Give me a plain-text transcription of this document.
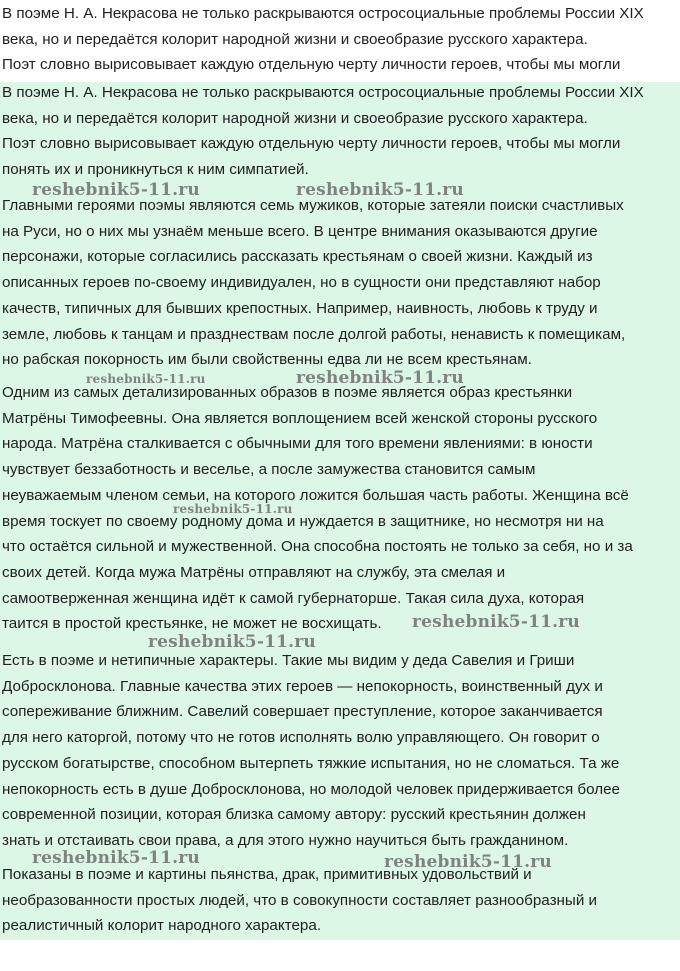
В поэме Н. А. Некрасова не только раскрываются остросоциальные проблемы России XIX
века, но и передаётся колорит народной жизни и своеобразие русского характера.
Поэт словно вырисовывает каждую отдельную черту личности героев, чтобы мы могли

В поэме Н. А. Некрасова не только раскрываются остросоциальные проблемы России XIX
века, но и передаётся колорит народной жизни и своеобразие русского характера.
Поэт словно вырисовывает каждую отдельную черту личности героев, чтобы мы могли
понять их и проникнуться к ним симпатией.

Главными героями поэмы являются семь мужиков, которые затеяли поиски счастливых
на Руси, но о них мы узнаём меньше всего. В центре внимания оказываются другие
персонажи, которые согласились рассказать крестьянам о своей жизни. Каждый из
описанных героев по-своему индивидуален, но в сущности они представляют набор
качеств, типичных для бывших крепостных. Например, наивность, любовь к труду и
земле, любовь к танцам и празднествам после долгой работы, ненависть к помещикам,
но рабская покорность им были свойственны едва ли не всем крестьянам.

Одним из самых детализированных образов в поэме является образ крестьянки
Матрёны Тимофеевны. Она является воплощением всей женской стороны русского
народа. Матрёна сталкивается с обычными для того времени явлениями: в юности
чувствует беззаботность и веселье, а после замужества становится самым
неуважаемым членом семьи, на которого ложится большая часть работы. Женщина всё
время тоскует по своему родному дома и нуждается в защитнике, но несмотря ни на
что остаётся сильной и мужественной. Она способна постоять не только за себя, но и за
своих детей. Когда мужа Матрёны отправляют на службу, эта смелая и
самоотверженная женщина идёт к самой губернаторше. Такая сила духа, которая
таится в простой крестьянке, не может не восхищать.

Есть в поэме и нетипичные характеры. Такие мы видим у деда Савелия и Гриши
Добросклонова. Главные качества этих героев — непокорность, воинственный дух и
сопереживание ближним. Савелий совершает преступление, которое заканчивается
для него каторгой, потому что не готов исполнять волю управляющего. Он говорит о
русском богатырстве, способном вытерпеть тяжкие испытания, но не сломаться. Та же
непокорность есть в душе Добросклонова, но молодой человек придерживается более
современной позиции, которая близка самому автору: русский крестьянин должен
знать и отстаивать свои права, а для этого нужно научиться быть гражданином.

Показаны в поэме и картины пьянства, драк, примитивных удовольствий и
необразованности простых людей, что в совокупности составляет разнообразный и
реалистичный колорит народного характера.

reshebnik5-11.ru	reshebnik5-11.ru
reshebnik5-11.ru	reshebnik5-11.ru
reshebnik5-11.ru
reshebnik5-11.ru
reshebnik5-11.ru
reshebnik5-11.ru	reshebnik5-11.ru
